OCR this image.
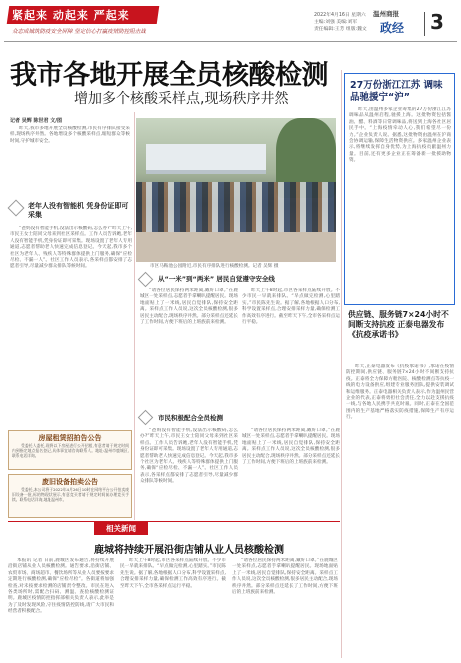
紧起来 动起来 严起来
众志成城筑防疫安全屏障 坚定信心打赢疫情防控阻击战
2022年4月16日 星期六
主编:刘强 美编:刘军
责任编辑:王芳 组版:魏文
温州商报
政经 3
我市各地开展全员核酸检测
增加多个核酸采样点,现场秩序井然
记者 吴辉 陈世君 文/图

昨天,我市多地开展全员核酸检测,市民有序排队接受采样,现场秩序井然。各地增设多个核酸采样点,缩短群众等候时间,守护城市安全。

老年人没有智能机 凭身份证即可采集

“爸妈没有智能手机,没法出示核酸码,怎么办?”昨天上午,市民王女士陪同父母来到社区采样点。工作人员告诉她,老年人没有智能手机,凭身份证即可采集。现场设置了老年人专用通道,志愿者帮助老人快速完成信息登记。今天起,我市多个社区为老年人、残疾人等特殊群体提供上门服务,确保“应检尽检、不漏一人”。社区工作人员表示,各采样点都安排了志愿者引导,尽量减少群众排队等候时间。	市区马鞍池公园附近,市民有序排队进行核酸检测。记者 吴辉 摄
从“一米”到“两米” 居民自觉遵守安全线

“请各位居民保持两米距离,戴好口罩。”在鹿城区一处采样点,志愿者手拿喇叭提醒居民。现场地面贴上了一米线,居民自觉排队,保持安全距离。采样点工作人员说,这次全员核酸检测,很多居民主动配合,现场秩序井然。部分采样点还延长了工作时间,方便下班后的上班族前来检测。

昨天上午8时起,市区各采样点陆续开放。不少市民一早就来排队。“早点做完检测,心里踏实。”市民陈先生说。据了解,各地根据人口分布,科学设置采样点,合理安排采样力量,确保检测工作高效有序进行。截至昨天下午,全市各采样点运行平稳。

市民积极配合全员检测

“爸妈没有智能手机,没法出示核酸码,怎么办?”昨天上午,市民王女士陪同父母来到社区采样点。工作人员告诉她,老年人没有智能手机,凭身份证即可采集。现场设置了老年人专用通道,志愿者帮助老人快速完成信息登记。今天起,我市多个社区为老年人、残疾人等特殊群体提供上门服务,确保“应检尽检、不漏一人”。社区工作人员表示,各采样点都安排了志愿者引导,尽量减少群众排队等候时间。

“请各位居民保持两米距离,戴好口罩。”在鹿城区一处采样点,志愿者手拿喇叭提醒居民。现场地面贴上了一米线,居民自觉排队,保持安全距离。采样点工作人员说,这次全员核酸检测,很多居民主动配合,现场秩序井然。部分采样点还延长了工作时间,方便下班后的上班族前来检测。

房屋租赁招拍告公告

受委托人委托,现将以下房屋进行公开招租,有意者请于规定时间内到指定地点报名登记,具体事宜请咨询联系人。地址:温州市鹿城区,联系电话详询。

废旧设备拍卖公告

受委托,本公司将于2022年4月26日10时在网络平台公开拍卖废旧设备一批,标的物现状展示,有意竞买者请于规定时间前办理竞买手续。联系电话详询,地址温州市。

27万份浙江江苏 调味品驰援宁“沪”

昨天,由温州多家企业筹集的27万份浙江江苏调味品从温州启程,驰援上海。这批物资包括酱油、醋、料酒等日常调味品,将送到上海各社区居民手中。“上海疫情牵动人心,我们希望尽一份力。”企业负责人说。据悉,这批物资由温州在沪商会协调运输,保障生活物资供应。多家温州企业表示,将继续发挥自身优势,为上海抗疫贡献温州力量。目前,还有更多企业正在筹备新一批援助物资。

供应链、服务链7×24小时不间断支持抗疫 正泰电器发布《抗疫承诺书》

昨天,正泰电器发布《抗疫承诺书》,承诺在疫情防控期间,供应链、服务链7×24小时不间断支持抗疫。正泰将全力保障方舱医院、核酸检测点等抗疫一线的电力设备供应,组建专业服务团队,提供安装调试和运维服务。正泰电器相关负责人表示,作为温州民营企业的代表,正泰将勇担社会责任,全力以赴支援抗疫一线,与各地人民携手共克时艰。同时,正泰在全国范围内的生产基地严格落实防疫措施,保障生产有序运行。

相关新闻
鹿城将持续开展沿街店铺从业人员核酸检测

本报讯 记者 日前,鹿城区发布通告,将持续开展沿街店铺从业人员核酸检测。通告要求,沿街店铺、农贸市场、商场超市、餐饮场所等从业人员要按要求定期进行核酸检测,确保“应检尽检”。各街道将加强检查,对未按要求检测的店铺责令整改。市民在进入各类场所时,需配合扫码、测温、查验核酸检测证明。鹿城区疫情防控指挥部相关负责人表示,此举是为了及时发现风险,守住疫情防控防线,请广大市民和经营者积极配合。

昨天上午8时起,市区各采样点陆续开放。不少市民一早就来排队。“早点做完检测,心里踏实。”市民陈先生说。据了解,各地根据人口分布,科学设置采样点,合理安排采样力量,确保检测工作高效有序进行。截至昨天下午,全市各采样点运行平稳。

“请各位居民保持两米距离,戴好口罩。”在鹿城区一处采样点,志愿者手拿喇叭提醒居民。现场地面贴上了一米线,居民自觉排队,保持安全距离。采样点工作人员说,这次全员核酸检测,很多居民主动配合,现场秩序井然。部分采样点还延长了工作时间,方便下班后的上班族前来检测。
